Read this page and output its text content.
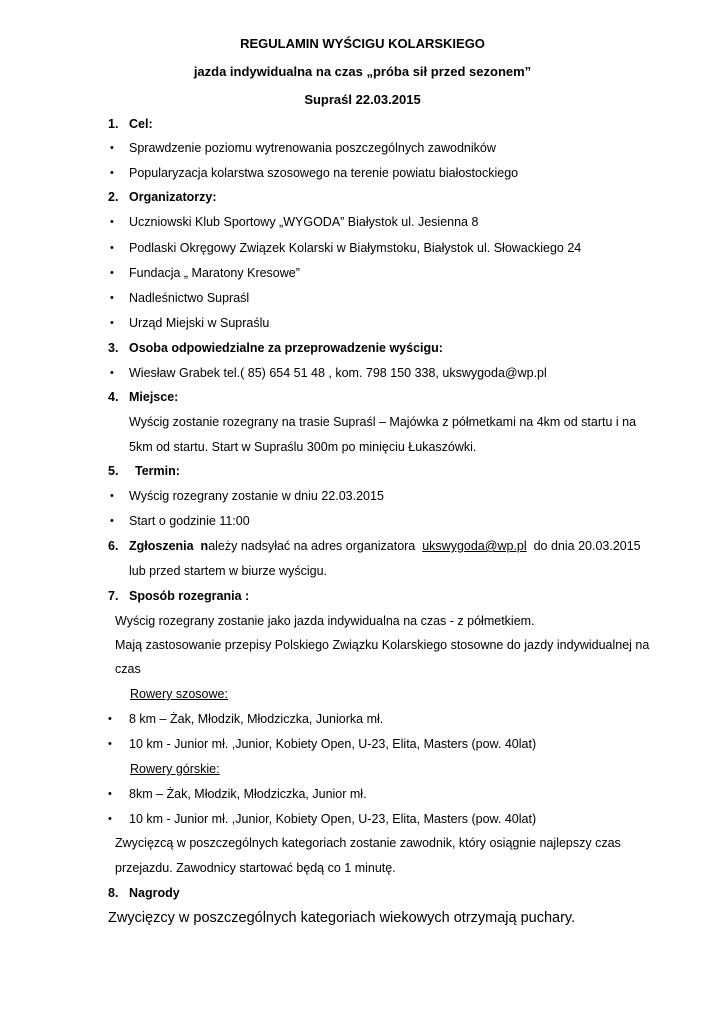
REGULAMIN WYŚCIGU KOLARSKIEGO
jazda indywidualna na czas „próba sił przed sezonem”
Supraśl 22.03.2015
1. Cel:
• Sprawdzenie poziomu wytrenowania poszczególnych zawodników
• Popularyzacja kolarstwa szosowego na terenie powiatu białostockiego
2. Organizatorzy:
• Uczniowski Klub Sportowy „WYGODA” Białystok ul. Jesienna 8
• Podlaski Okręgowy Związek Kolarski w Białymstoku, Białystok ul. Słowackiego 24
• Fundacja „ Maratony Kresowe”
• Nadleśnictwo Supraśl
• Urząd Miejski w Supraślu
3. Osoba odpowiedzialne za przeprowadzenie wyścigu:
• Wiesław Grabek tel.( 85) 654 51 48 , kom. 798 150 338, ukswygoda@wp.pl
4. Miejsce:
Wyścig zostanie rozegrany na trasie Supraśl – Majówka z półmetkami na 4km od startu i na
5km od startu. Start w Supraślu 300m po minięciu Łukaszówki.
5. Termin:
• Wyścig rozegrany zostanie w dniu 22.03.2015
• Start o godzinie 11:00
6. Zgłoszenia należy nadsyłać na adres organizatora ukswygoda@wp.pl do dnia 20.03.2015
lub przed startem w biurze wyścigu.
7. Sposób rozegrania :
Wyścig rozegrany zostanie jako jazda indywidualna na czas - z półmetkiem.
Mają zastosowanie przepisy Polskiego Związku Kolarskiego stosowne do jazdy indywidualnej na
czas
Rowery szosowe:
• 8 km – Żak, Młodzik, Młodziczka, Juniorka mł.
• 10 km - Junior mł. ,Junior, Kobiety Open, U-23, Elita, Masters (pow. 40lat)
Rowery górskie:
• 8km – Żak, Młodzik, Młodziczka, Junior mł.
• 10 km - Junior mł. ,Junior, Kobiety Open, U-23, Elita, Masters (pow. 40lat)
Zwycięzcą w poszczególnych kategoriach zostanie zawodnik, który osiągnie najlepszy czas
przejazdu. Zawodnicy startować będą co 1 minutę.
8. Nagrody
Zwycięzcy w poszczególnych kategoriach wiekowych otrzymają puchary.
